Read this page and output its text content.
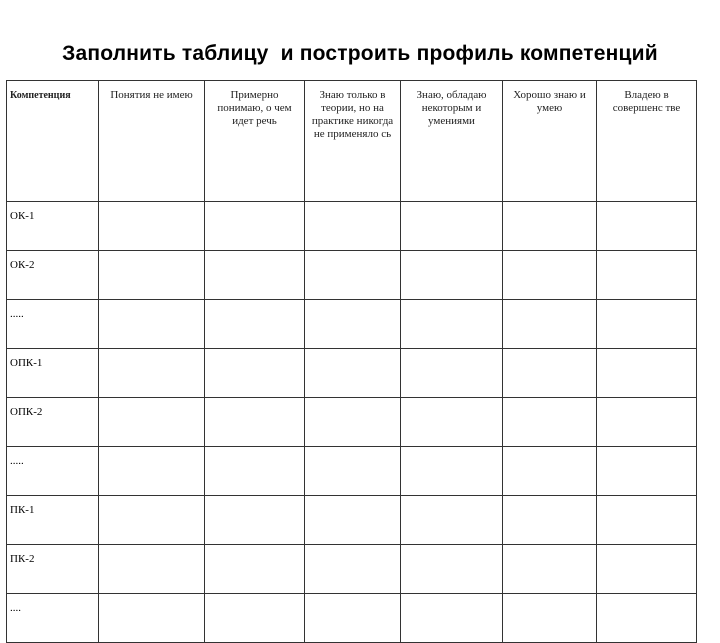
Заполнить таблицу  и построить профиль компетенций
Компетенция	Понятия не имею	Примерно понимаю, о чем идет речь	Знаю только в теории, но на практике никогда не применяло сь	Знаю, обладаю некоторым и умениями	Хорошо знаю и умею	Владею в совершенс тве
ОК-1						
ОК-2						
.....						
ОПК-1						
ОПК-2						
.....						
ПК-1						
ПК-2						
....						
